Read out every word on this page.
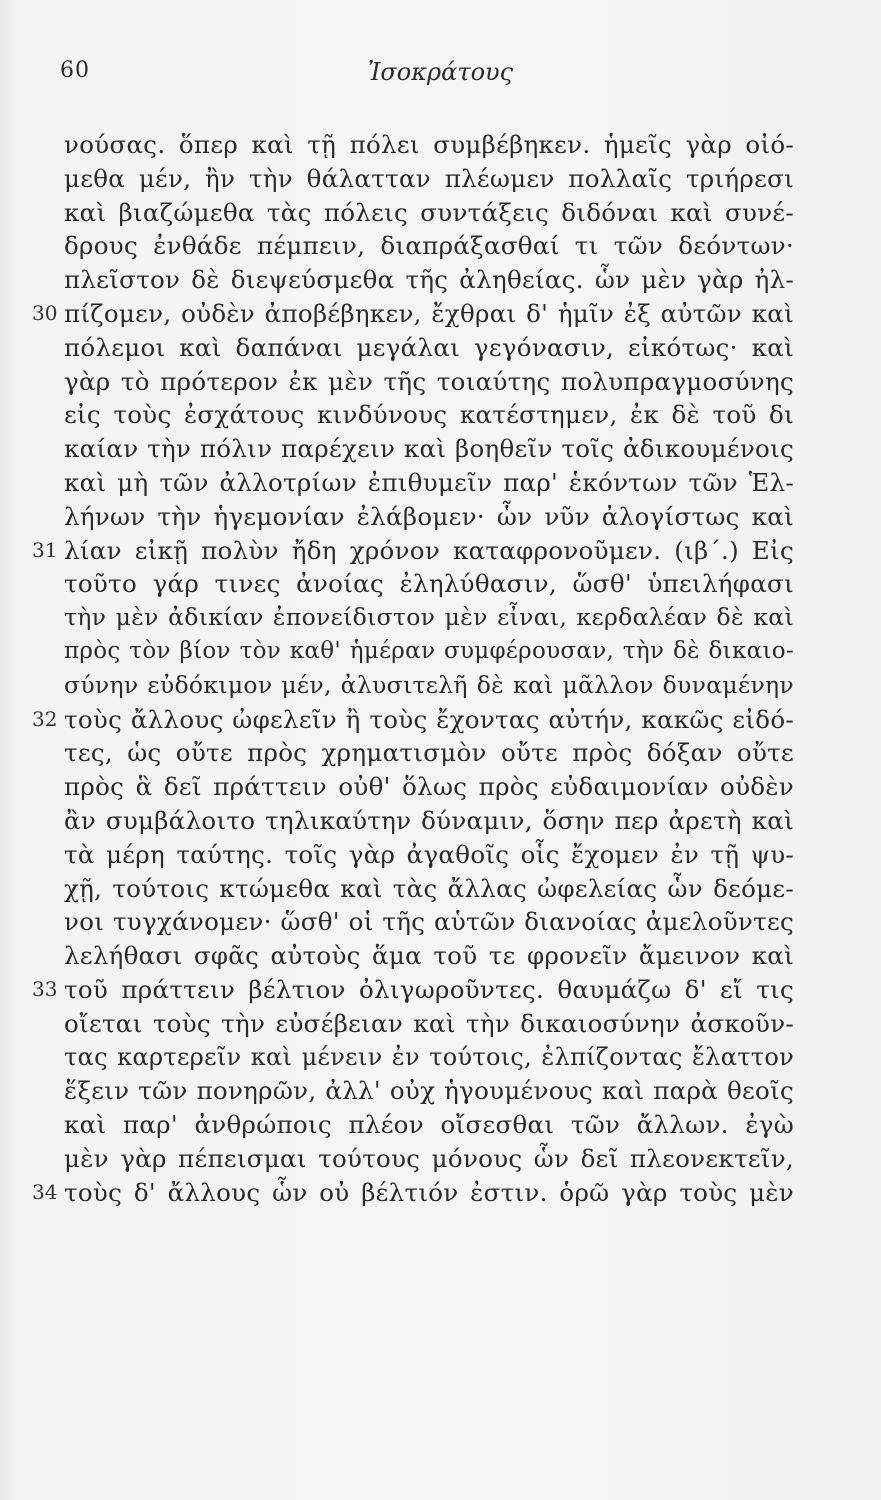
60	Ἰσοκράτους
νούσας. ὅπερ καὶ τῇ πόλει συμβέβηκεν. ἡμεῖς γὰρ οἰό-
μεθα μέν, ἢν τὴν θάλατταν πλέωμεν πολλαῖς τριήρεσι
καὶ βιαζώμεθα τὰς πόλεις συντάξεις διδόναι καὶ συνέ-
δρους ἐνθάδε πέμπειν, διαπράξασθαί τι τῶν δεόντων·
πλεῖστον δὲ διεψεύσμεθα τῆς ἀληθείας. ὧν μὲν γὰρ ἠλ-
30 πίζομεν, οὐδὲν ἀποβέβηκεν, ἔχθραι δ' ἡμῖν ἐξ αὐτῶν καὶ
πόλεμοι καὶ δαπάναι μεγάλαι γεγόνασιν, εἰκότως· καὶ
γὰρ τὸ πρότερον ἐκ μὲν τῆς τοιαύτης πολυπραγμοσύνης
εἰς τοὺς ἐσχάτους κινδύνους κατέστημεν, ἐκ δὲ τοῦ δι
καίαν τὴν πόλιν παρέχειν καὶ βοηθεῖν τοῖς ἀδικουμένοις
καὶ μὴ τῶν ἀλλοτρίων ἐπιθυμεῖν παρ' ἑκόντων τῶν Ἑλ-
λήνων τὴν ἡγεμονίαν ἐλάβομεν· ὧν νῦν ἀλογίστως καὶ
31 λίαν εἰκῇ πολὺν ἤδη χρόνον καταφρονοῦμεν. (ιβ΄.) Εἰς
τοῦτο γάρ τινες ἀνοίας ἐληλύθασιν, ὥσθ' ὑπειλήφασι
τὴν μὲν ἀδικίαν ἐπονείδιστον μὲν εἶναι, κερδαλέαν δὲ καὶ
πρὸς τὸν βίον τὸν καθ' ἡμέραν συμφέρουσαν, τὴν δὲ δικαιο-
σύνην εὐδόκιμον μέν, ἀλυσιτελῆ δὲ καὶ μᾶλλον δυναμένην
32 τοὺς ἄλλους ὠφελεῖν ἢ τοὺς ἔχοντας αὐτήν, κακῶς εἰδό-
τες, ὡς οὔτε πρὸς χρηματισμὸν οὔτε πρὸς δόξαν οὔτε
πρὸς ἃ δεῖ πράττειν οὐθ' ὅλως πρὸς εὐδαιμονίαν οὐδὲν
ἂν συμβάλοιτο τηλικαύτην δύναμιν, ὅσην περ ἀρετὴ καὶ
τὰ μέρη ταύτης. τοῖς γὰρ ἀγαθοῖς οἷς ἔχομεν ἐν τῇ ψυ-
χῇ, τούτοις κτώμεθα καὶ τὰς ἄλλας ὠφελείας ὧν δεόμε-
νοι τυγχάνομεν· ὥσθ' οἱ τῆς αὑτῶν διανοίας ἀμελοῦντες
λελήθασι σφᾶς αὐτοὺς ἅμα τοῦ τε φρονεῖν ἄμεινον καὶ
33 τοῦ πράττειν βέλτιον ὀλιγωροῦντες. θαυμάζω δ' εἴ τις
οἴεται τοὺς τὴν εὐσέβειαν καὶ τὴν δικαιοσύνην ἀσκοῦν-
τας καρτερεῖν καὶ μένειν ἐν τούτοις, ἐλπίζοντας ἔλαττον
ἕξειν τῶν πονηρῶν, ἀλλ' οὐχ ἡγουμένους καὶ παρὰ θεοῖς
καὶ παρ' ἀνθρώποις πλέον οἴσεσθαι τῶν ἄλλων. ἐγὼ
μὲν γὰρ πέπεισμαι τούτους μόνους ὧν δεῖ πλεονεκτεῖν,
34 τοὺς δ' ἄλλους ὧν οὐ βέλτιόν ἐστιν. ὁρῶ γὰρ τοὺς μὲν
